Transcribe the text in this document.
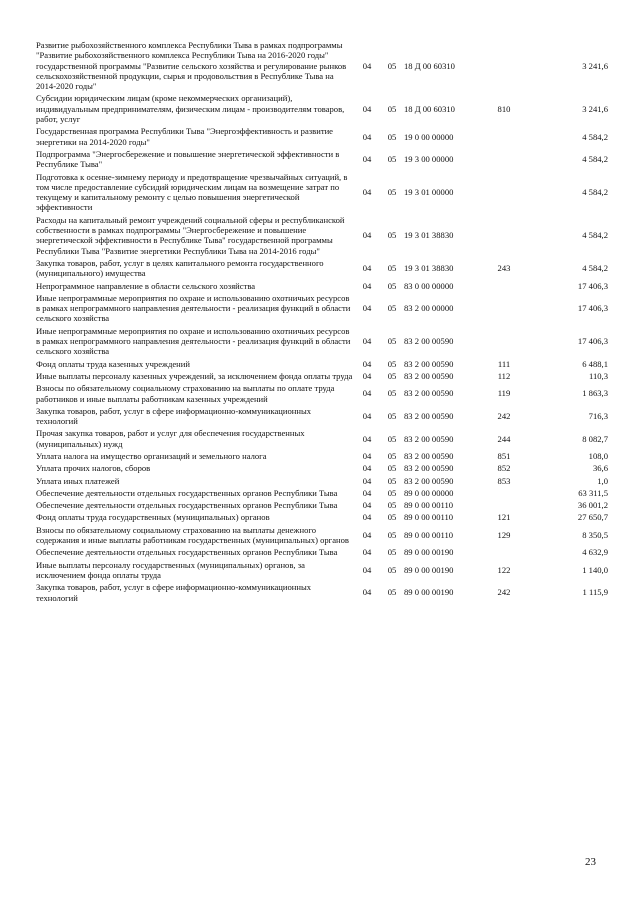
Развитие рыбохозяйственного комплекса Республики Тыва в рамках подпрограммы "Развитие рыбохозяйственного комплекса Республики Тыва на 2016-2020 годы" государственной программы "Развитие сельского хозяйства и регулирование рынков сельскохозяйственной продукции, сырья и продовольствия в Республике Тыва на 2014-2020 годы"	04	05	18 Д 00 60310		3 241,6
Субсидии юридическим лицам (кроме некоммерческих организаций), индивидуальным предпринимателям, физическим лицам - производителям товаров, работ, услуг	04	05	18 Д 00 60310	810	3 241,6
Государственная программа Республики Тыва "Энергоэффективность и развитие энергетики на 2014-2020 годы"	04	05	19 0 00 00000		4 584,2
Подпрограмма "Энергосбережение и повышение энергетической эффективности в Республике Тыва"	04	05	19 3 00 00000		4 584,2
Подготовка к осенне-зимнему периоду и предотвращение чрезвычайных ситуаций, в том числе предоставление субсидий юридическим лицам на возмещение затрат по текущему и капитальному ремонту с целью повышения энергетической эффективности	04	05	19 3 01 00000		4 584,2
Расходы на капитальный ремонт учреждений социальной сферы и республиканской собственности в рамках подпрограммы "Энергосбережение и повышение энергетической эффективности в Республике Тыва" государственной программы Республики Тыва "Развитие энергетики Республики Тыва на 2014-2016 годы"	04	05	19 3 01 38830		4 584,2
Закупка товаров, работ, услуг в целях капитального ремонта государственного (муниципального) имущества	04	05	19 3 01 38830	243	4 584,2
Непрограммное направление в области сельского хозяйства	04	05	83 0 00 00000		17 406,3
Иные непрограммные мероприятия по охране и использованию охотничьих ресурсов в рамках непрограммного направления деятельности - реализация функций в области сельского хозяйства	04	05	83 2 00 00000		17 406,3
Иные непрограммные мероприятия по охране и использованию охотничьих ресурсов в рамках непрограммного направления деятельности - реализация функций в области сельского хозяйства	04	05	83 2 00 00590		17 406,3
Фонд оплаты труда казенных учреждений	04	05	83 2 00 00590	111	6 488,1
Иные выплаты персоналу казенных учреждений, за исключением фонда оплаты труда	04	05	83 2 00 00590	112	110,3
Взносы по обязательному социальному страхованию на выплаты по оплате труда работников и иные выплаты работникам казенных учреждений	04	05	83 2 00 00590	119	1 863,3
Закупка товаров, работ, услуг в сфере информационно-коммуникационных технологий	04	05	83 2 00 00590	242	716,3
Прочая закупка товаров, работ и услуг для обеспечения государственных (муниципальных) нужд	04	05	83 2 00 00590	244	8 082,7
Уплата налога на имущество организаций и земельного налога	04	05	83 2 00 00590	851	108,0
Уплата прочих налогов, сборов	04	05	83 2 00 00590	852	36,6
Уплата иных платежей	04	05	83 2 00 00590	853	1,0
Обеспечение деятельности отдельных государственных органов Республики Тыва	04	05	89 0 00 00000		63 311,5
Обеспечение деятельности отдельных государственных органов Республики Тыва	04	05	89 0 00 00110		36 001,2
Фонд оплаты труда государственных (муниципальных) органов	04	05	89 0 00 00110	121	27 650,7
Взносы по обязательному социальному страхованию на выплаты денежного содержания и иные выплаты работникам государственных (муниципальных) органов	04	05	89 0 00 00110	129	8 350,5
Обеспечение деятельности отдельных государственных органов Республики Тыва	04	05	89 0 00 00190		4 632,9
Иные выплаты персоналу государственных (муниципальных) органов, за исключением фонда оплаты труда	04	05	89 0 00 00190	122	1 140,0
Закупка товаров, работ, услуг в сфере информационно-коммуникационных технологий	04	05	89 0 00 00190	242	1 115,9
23
